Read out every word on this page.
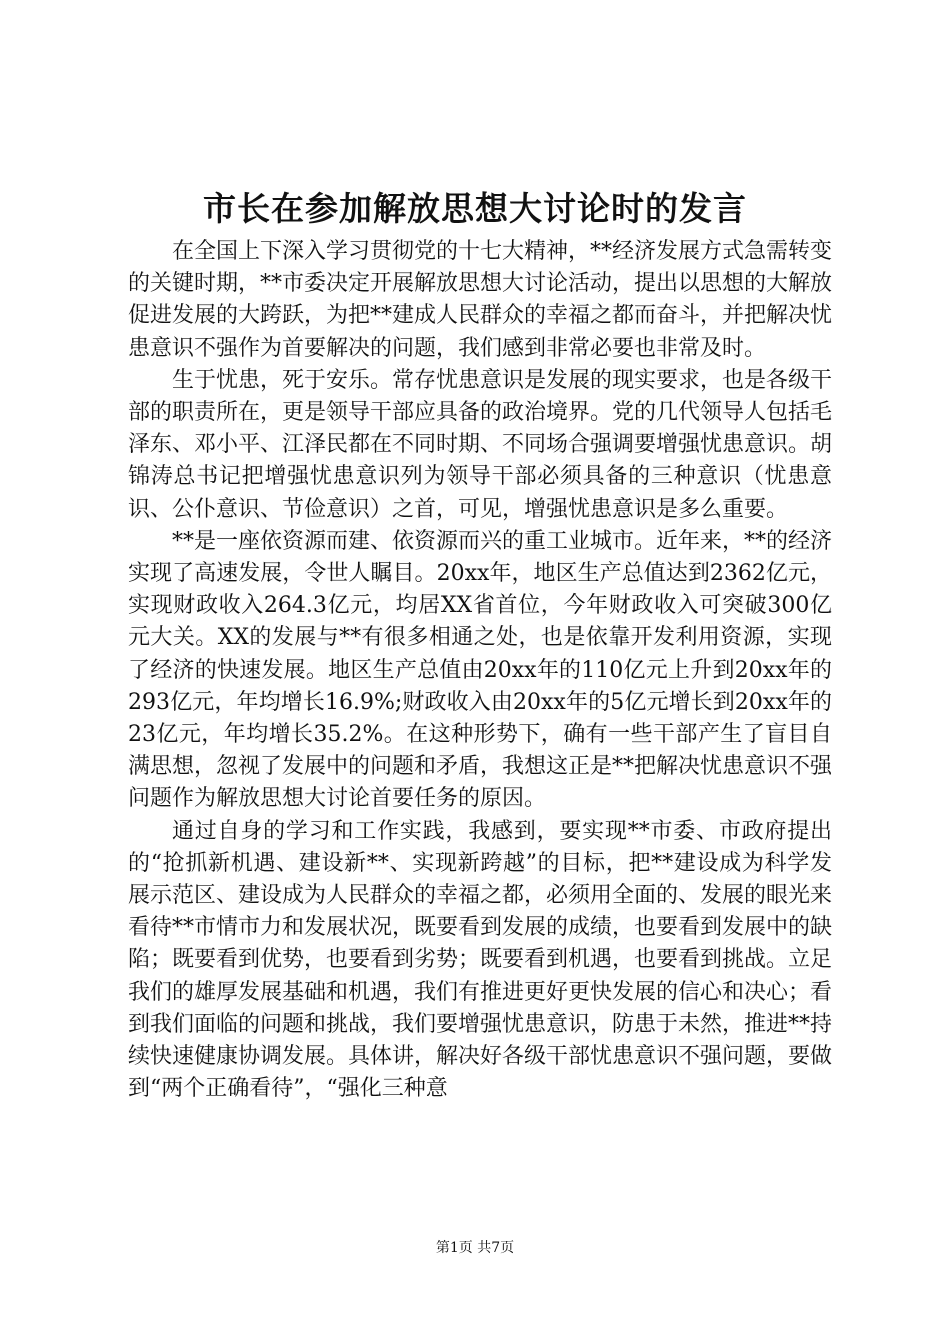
市长在参加解放思想大讨论时的发言

在全国上下深入学习贯彻党的十七大精神，**经济发展方式急需转变的关键时期，**市委决定开展解放思想大讨论活动，提出以思想的大解放促进发展的大跨跃，为把**建成人民群众的幸福之都而奋斗，并把解决忧患意识不强作为首要解决的问题，我们感到非常必要也非常及时。

生于忧患，死于安乐。常存忧患意识是发展的现实要求，也是各级干部的职责所在，更是领导干部应具备的政治境界。党的几代领导人包括毛泽东、邓小平、江泽民都在不同时期、不同场合强调要增强忧患意识。胡锦涛总书记把增强忧患意识列为领导干部必须具备的三种意识（忧患意识、公仆意识、节俭意识）之首，可见，增强忧患意识是多么重要。

**是一座依资源而建、依资源而兴的重工业城市。近年来，**的经济实现了高速发展，令世人瞩目。20xx年，地区生产总值达到2362亿元，实现财政收入264.3亿元，均居XX省首位，今年财政收入可突破300亿元大关。XX的发展与**有很多相通之处，也是依靠开发利用资源，实现了经济的快速发展。地区生产总值由20xx年的110亿元上升到20xx年的293亿元，年均增长16.9%;财政收入由20xx年的5亿元增长到20xx年的23亿元，年均增长35.2%。在这种形势下，确有一些干部产生了盲目自满思想，忽视了发展中的问题和矛盾，我想这正是**把解决忧患意识不强问题作为解放思想大讨论首要任务的原因。

通过自身的学习和工作实践，我感到，要实现**市委、市政府提出的“抢抓新机遇、建设新**、实现新跨越”的目标，把**建设成为科学发展示范区、建设成为人民群众的幸福之都，必须用全面的、发展的眼光来看待**市情市力和发展状况，既要看到发展的成绩，也要看到发展中的缺陷；既要看到优势，也要看到劣势；既要看到机遇，也要看到挑战。立足我们的雄厚发展基础和机遇，我们有推进更好更快发展的信心和决心；看到我们面临的问题和挑战，我们要增强忧患意识，防患于未然，推进**持续快速健康协调发展。具体讲，解决好各级干部忧患意识不强问题，要做到“两个正确看待”，“强化三种意

第1页 共7页
